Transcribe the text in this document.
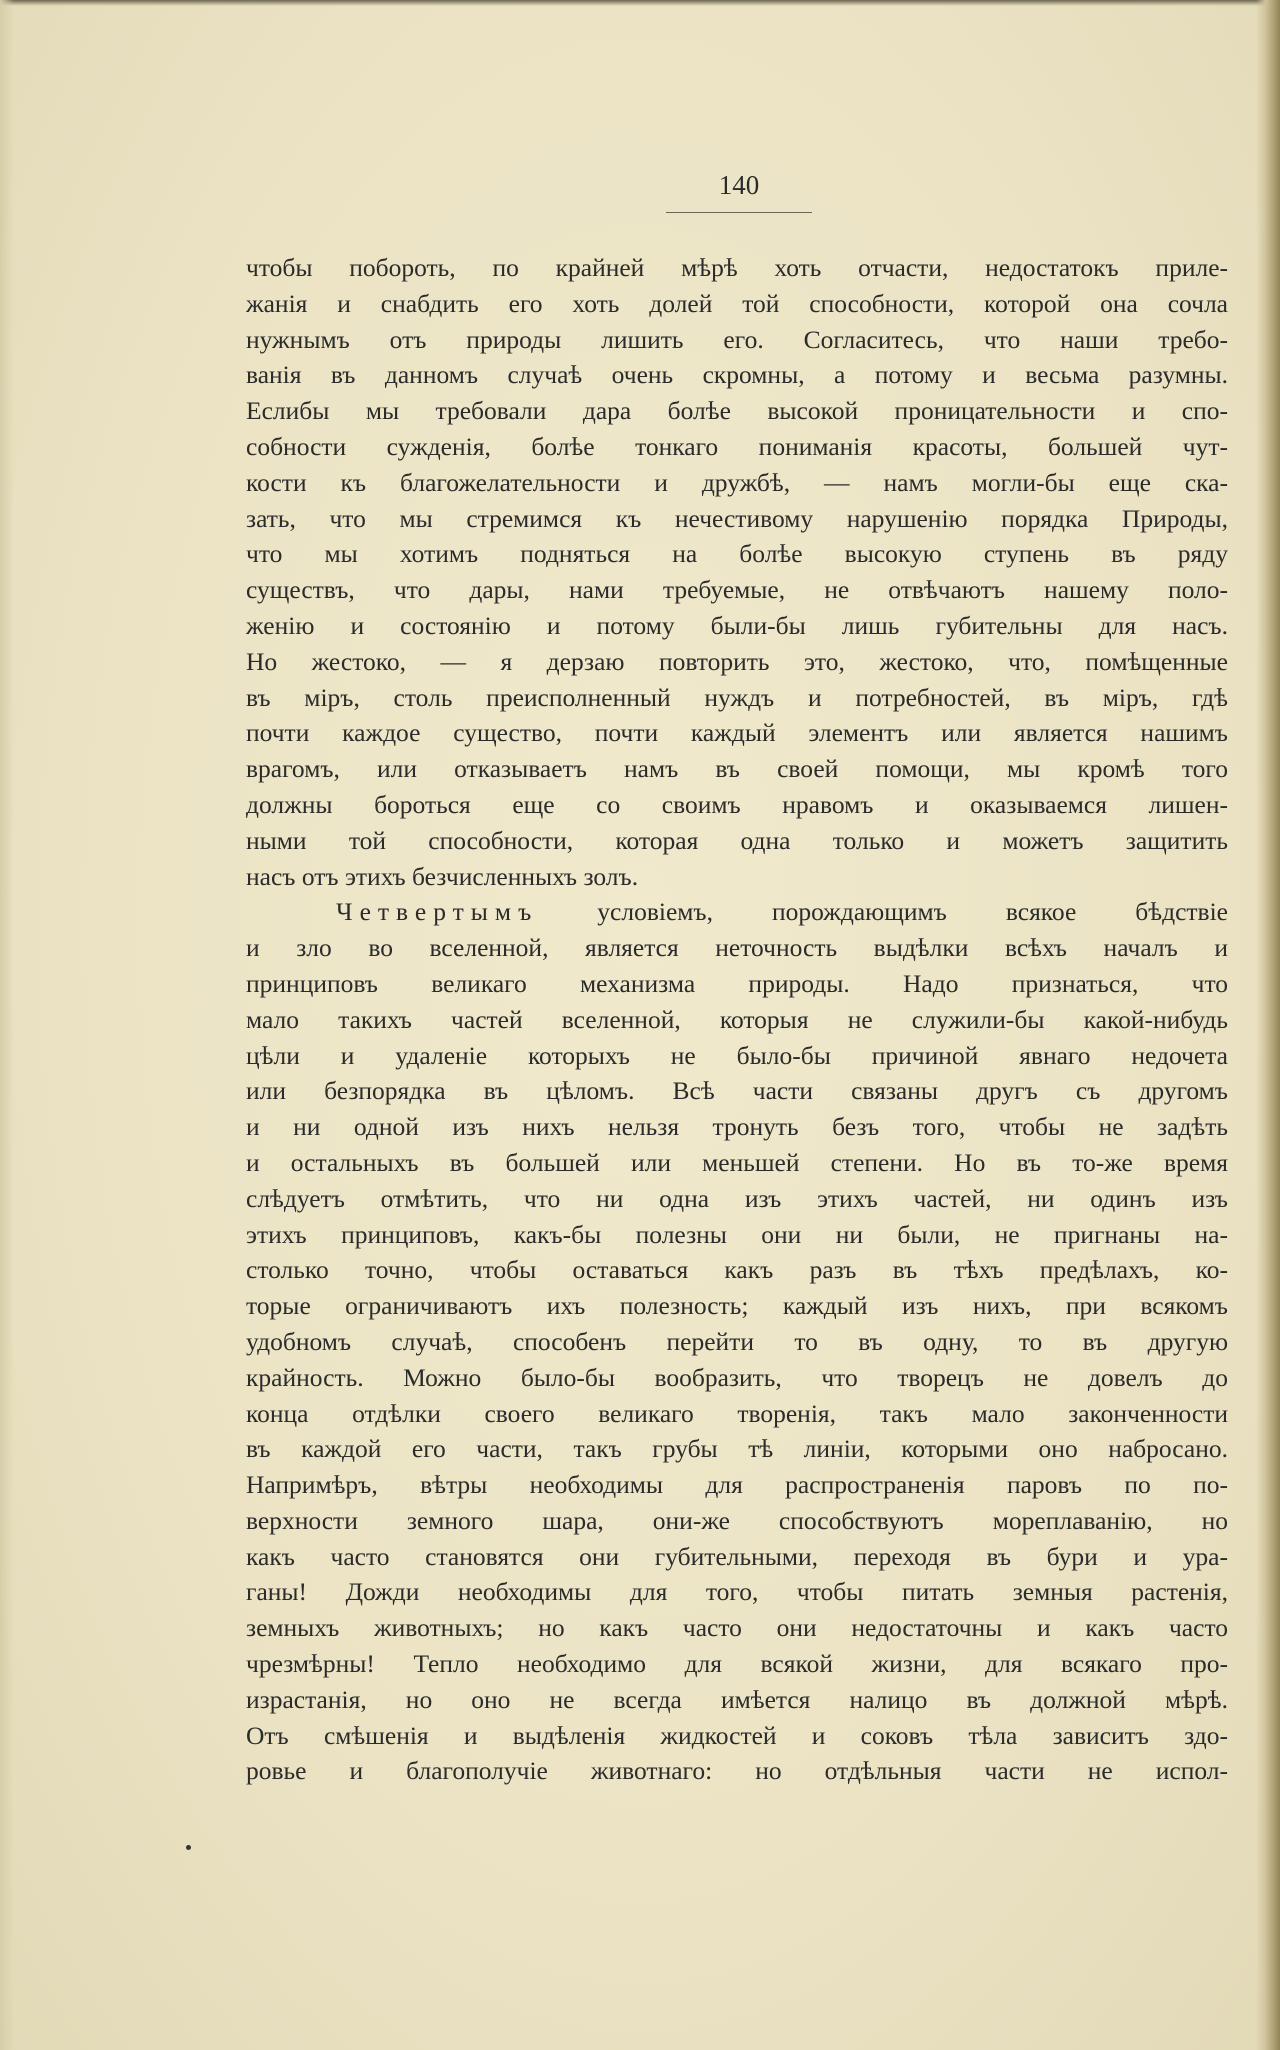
140
чтобы побороть, по крайней мѣрѣ хоть отчасти, недостатокъ приле-
жанія и снабдить его хоть долей той способности, которой она сочла
нужнымъ отъ природы лишить его. Согласитесь, что наши требо-
ванія въ данномъ случаѣ очень скромны, а потому и весьма разумны.
Еслибы мы требовали дара болѣе высокой проницательности и спо-
собности сужденія, болѣе тонкаго пониманія красоты, большей чут-
кости къ благожелательности и дружбѣ, — намъ могли-бы еще ска-
зать, что мы стремимся къ нечестивому нарушенію порядка Природы,
что мы хотимъ подняться на болѣе высокую ступень въ ряду
существъ, что дары, нами требуемые, не отвѣчаютъ нашему поло-
женію и состоянію и потому были-бы лишь губительны для насъ.
Но жестоко, — я дерзаю повторить это, жестоко, что, помѣщенные
въ міръ, столь преисполненный нуждъ и потребностей, въ міръ, гдѣ
почти каждое существо, почти каждый элементъ или является нашимъ
врагомъ, или отказываетъ намъ въ своей помощи, мы кромѣ того
должны бороться еще со своимъ нравомъ и оказываемся лишен-
ными той способности, которая одна только и можетъ защитить
насъ отъ этихъ безчисленныхъ золъ.
Четвертымъ условіемъ, порождающимъ всякое бѣдствіе
и зло во вселенной, является неточность выдѣлки всѣхъ началъ и
принциповъ великаго механизма природы. Надо признаться, что
мало такихъ частей вселенной, которыя не служили-бы какой-нибудь
цѣли и удаленіе которыхъ не было-бы причиной явнаго недочета
или безпорядка въ цѣломъ. Всѣ части связаны другъ съ другомъ
и ни одной изъ нихъ нельзя тронуть безъ того, чтобы не задѣть
и остальныхъ въ большей или меньшей степени. Но въ то-же время
слѣдуетъ отмѣтить, что ни одна изъ этихъ частей, ни одинъ изъ
этихъ принциповъ, какъ-бы полезны они ни были, не пригнаны на-
столько точно, чтобы оставаться какъ разъ въ тѣхъ предѣлахъ, ко-
торые ограничиваютъ ихъ полезность; каждый изъ нихъ, при всякомъ
удобномъ случаѣ, способенъ перейти то въ одну, то въ другую
крайность. Можно было-бы вообразить, что творецъ не довелъ до
конца отдѣлки своего великаго творенія, такъ мало законченности
въ каждой его части, такъ грубы тѣ линіи, которыми оно набросано.
Напримѣръ, вѣтры необходимы для распространенія паровъ по по-
верхности земного шара, они-же способствуютъ мореплаванію, но
какъ часто становятся они губительными, переходя въ бури и ура-
ганы! Дожди необходимы для того, чтобы питать земныя растенія,
земныхъ животныхъ; но какъ часто они недостаточны и какъ часто
чрезмѣрны! Тепло необходимо для всякой жизни, для всякаго про-
израстанія, но оно не всегда имѣется налицо въ должной мѣрѣ.
Отъ смѣшенія и выдѣленія жидкостей и соковъ тѣла зависитъ здо-
ровье и благополучіе животнаго: но отдѣльныя части не испол-
